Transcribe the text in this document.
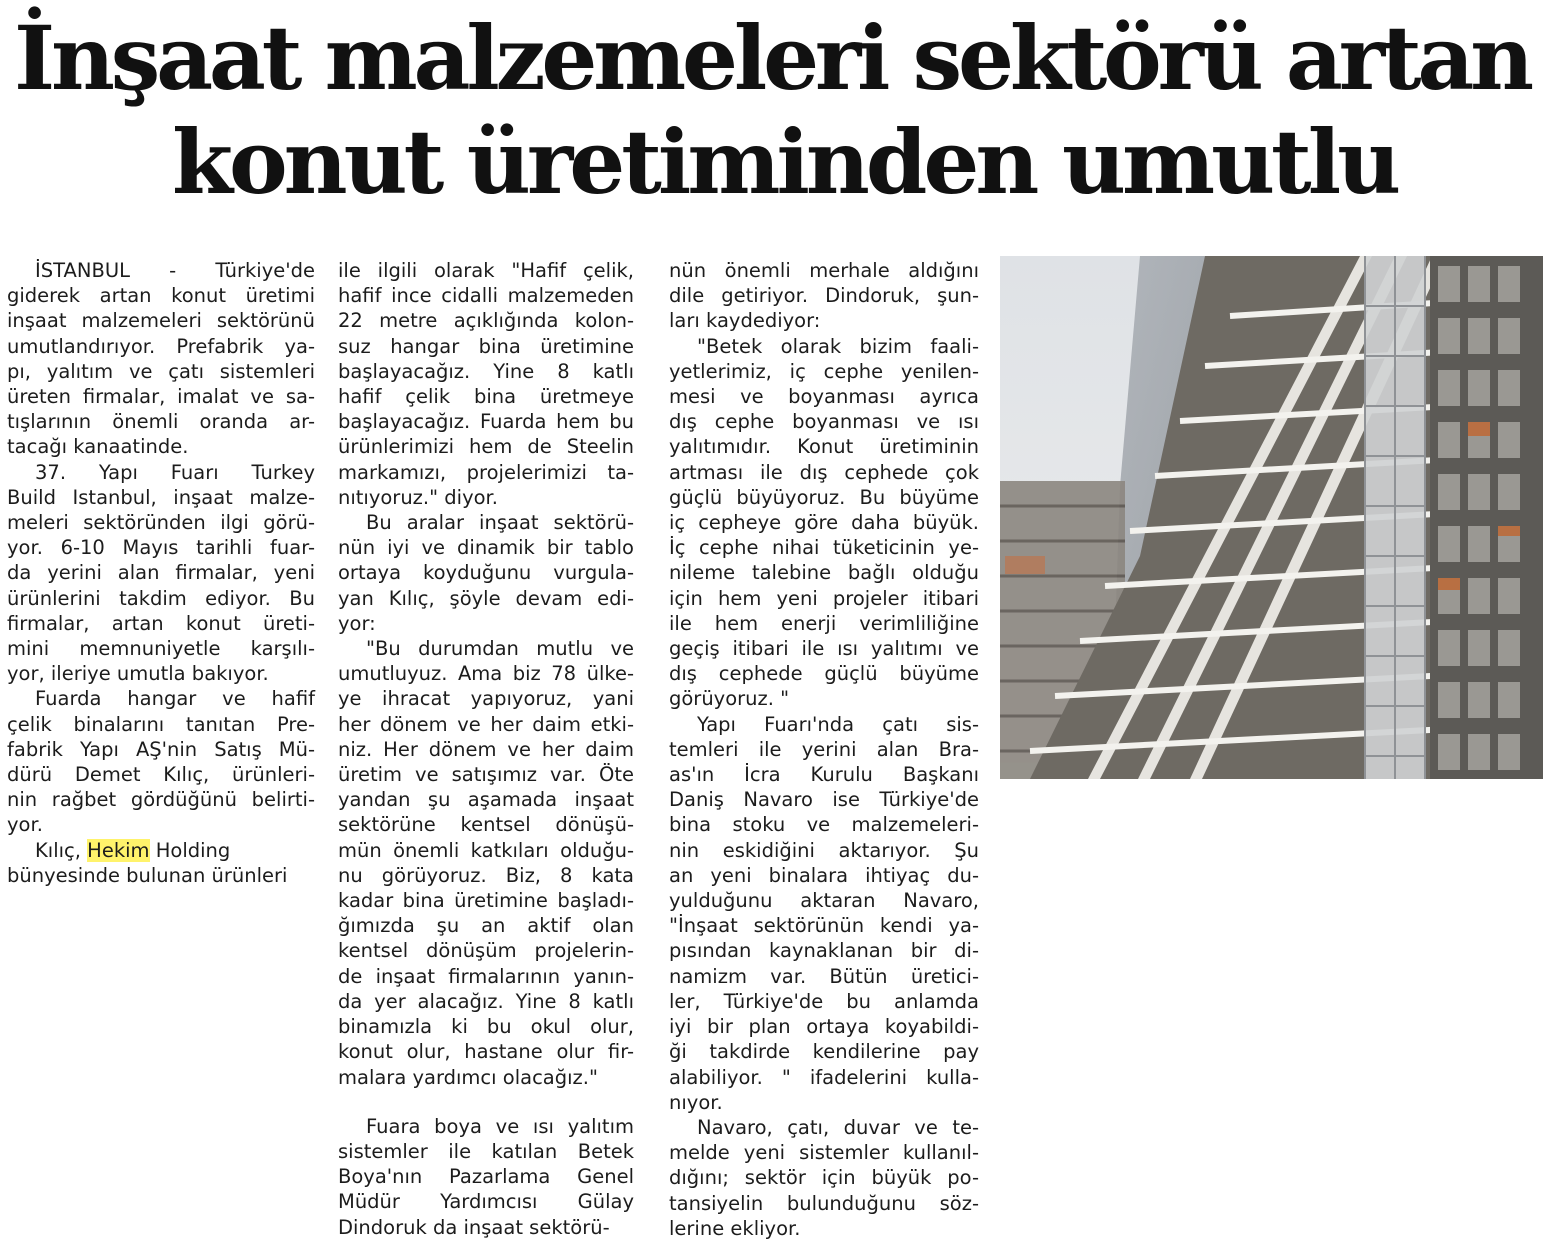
İnşaat malzemeleri sektörü artan
konut üretiminden umutlu

İSTANBUL - Türkiye'de
giderek artan konut üretimi
inşaat malzemeleri sektörünü
umutlandırıyor. Prefabrik ya-
pı, yalıtım ve çatı sistemleri
üreten firmalar, imalat ve sa-
tışlarının önemli oranda ar-
tacağı kanaatinde.

37. Yapı Fuarı Turkey
Build Istanbul, inşaat malze-
meleri sektöründen ilgi görü-
yor. 6-10 Mayıs tarihli fuar-
da yerini alan firmalar, yeni
ürünlerini takdim ediyor. Bu
firmalar, artan konut üreti-
mini memnuniyetle karşılı-
yor, ileriye umutla bakıyor.

Fuarda hangar ve hafif
çelik binalarını tanıtan Pre-
fabrik Yapı AŞ'nin Satış Mü-
dürü Demet Kılıç, ürünleri-
nin rağbet gördüğünü belirti-
yor.

Kılıç, Hekim Holding
bünyesinde bulunan ürünleri

ile ilgili olarak "Hafif çelik,
hafif ince cidalli malzemeden
22 metre açıklığında kolon-
suz hangar bina üretimine
başlayacağız. Yine 8 katlı
hafif çelik bina üretmeye
başlayacağız. Fuarda hem bu
ürünlerimizi hem de Steelin
markamızı, projelerimizi ta-
nıtıyoruz." diyor.

Bu aralar inşaat sektörü-
nün iyi ve dinamik bir tablo
ortaya koyduğunu vurgula-
yan Kılıç, şöyle devam edi-
yor:

"Bu durumdan mutlu ve
umutluyuz. Ama biz 78 ülke-
ye ihracat yapıyoruz, yani
her dönem ve her daim etki-
niz. Her dönem ve her daim
üretim ve satışımız var. Öte
yandan şu aşamada inşaat
sektörüne kentsel dönüşü-
mün önemli katkıları olduğu-
nu görüyoruz. Biz, 8 kata
kadar bina üretimine başladı-
ğımızda şu an aktif olan
kentsel dönüşüm projelerin-
de inşaat firmalarının yanın-
da yer alacağız. Yine 8 katlı
binamızla ki bu okul olur,
konut olur, hastane olur fir-
malara yardımcı olacağız."

Fuara boya ve ısı yalıtım
sistemler ile katılan Betek
Boya'nın Pazarlama Genel
Müdür Yardımcısı Gülay
Dindoruk da inşaat sektörü-

nün önemli merhale aldığını
dile getiriyor. Dindoruk, şun-
ları kaydediyor:

"Betek olarak bizim faali-
yetlerimiz, iç cephe yenilen-
mesi ve boyanması ayrıca
dış cephe boyanması ve ısı
yalıtımıdır. Konut üretiminin
artması ile dış cephede çok
güçlü büyüyoruz. Bu büyüme
iç cepheye göre daha büyük.
İç cephe nihai tüketicinin ye-
nileme talebine bağlı olduğu
için hem yeni projeler itibari
ile hem enerji verimliliğine
geçiş itibari ile ısı yalıtımı ve
dış cephede güçlü büyüme
görüyoruz. "

Yapı Fuarı'nda çatı sis-
temleri ile yerini alan Bra-
as'ın İcra Kurulu Başkanı
Daniş Navaro ise Türkiye'de
bina stoku ve malzemeleri-
nin eskidiğini aktarıyor. Şu
an yeni binalara ihtiyaç du-
yulduğunu aktaran Navaro,
"İnşaat sektörünün kendi ya-
pısından kaynaklanan bir di-
namizm var. Bütün üretici-
ler, Türkiye'de bu anlamda
iyi bir plan ortaya koyabildi-
ği takdirde kendilerine pay
alabiliyor. " ifadelerini kulla-
nıyor.

Navaro, çatı, duvar ve te-
melde yeni sistemler kullanıl-
dığını; sektör için büyük po-
tansiyelin bulunduğunu söz-
lerine ekliyor.
